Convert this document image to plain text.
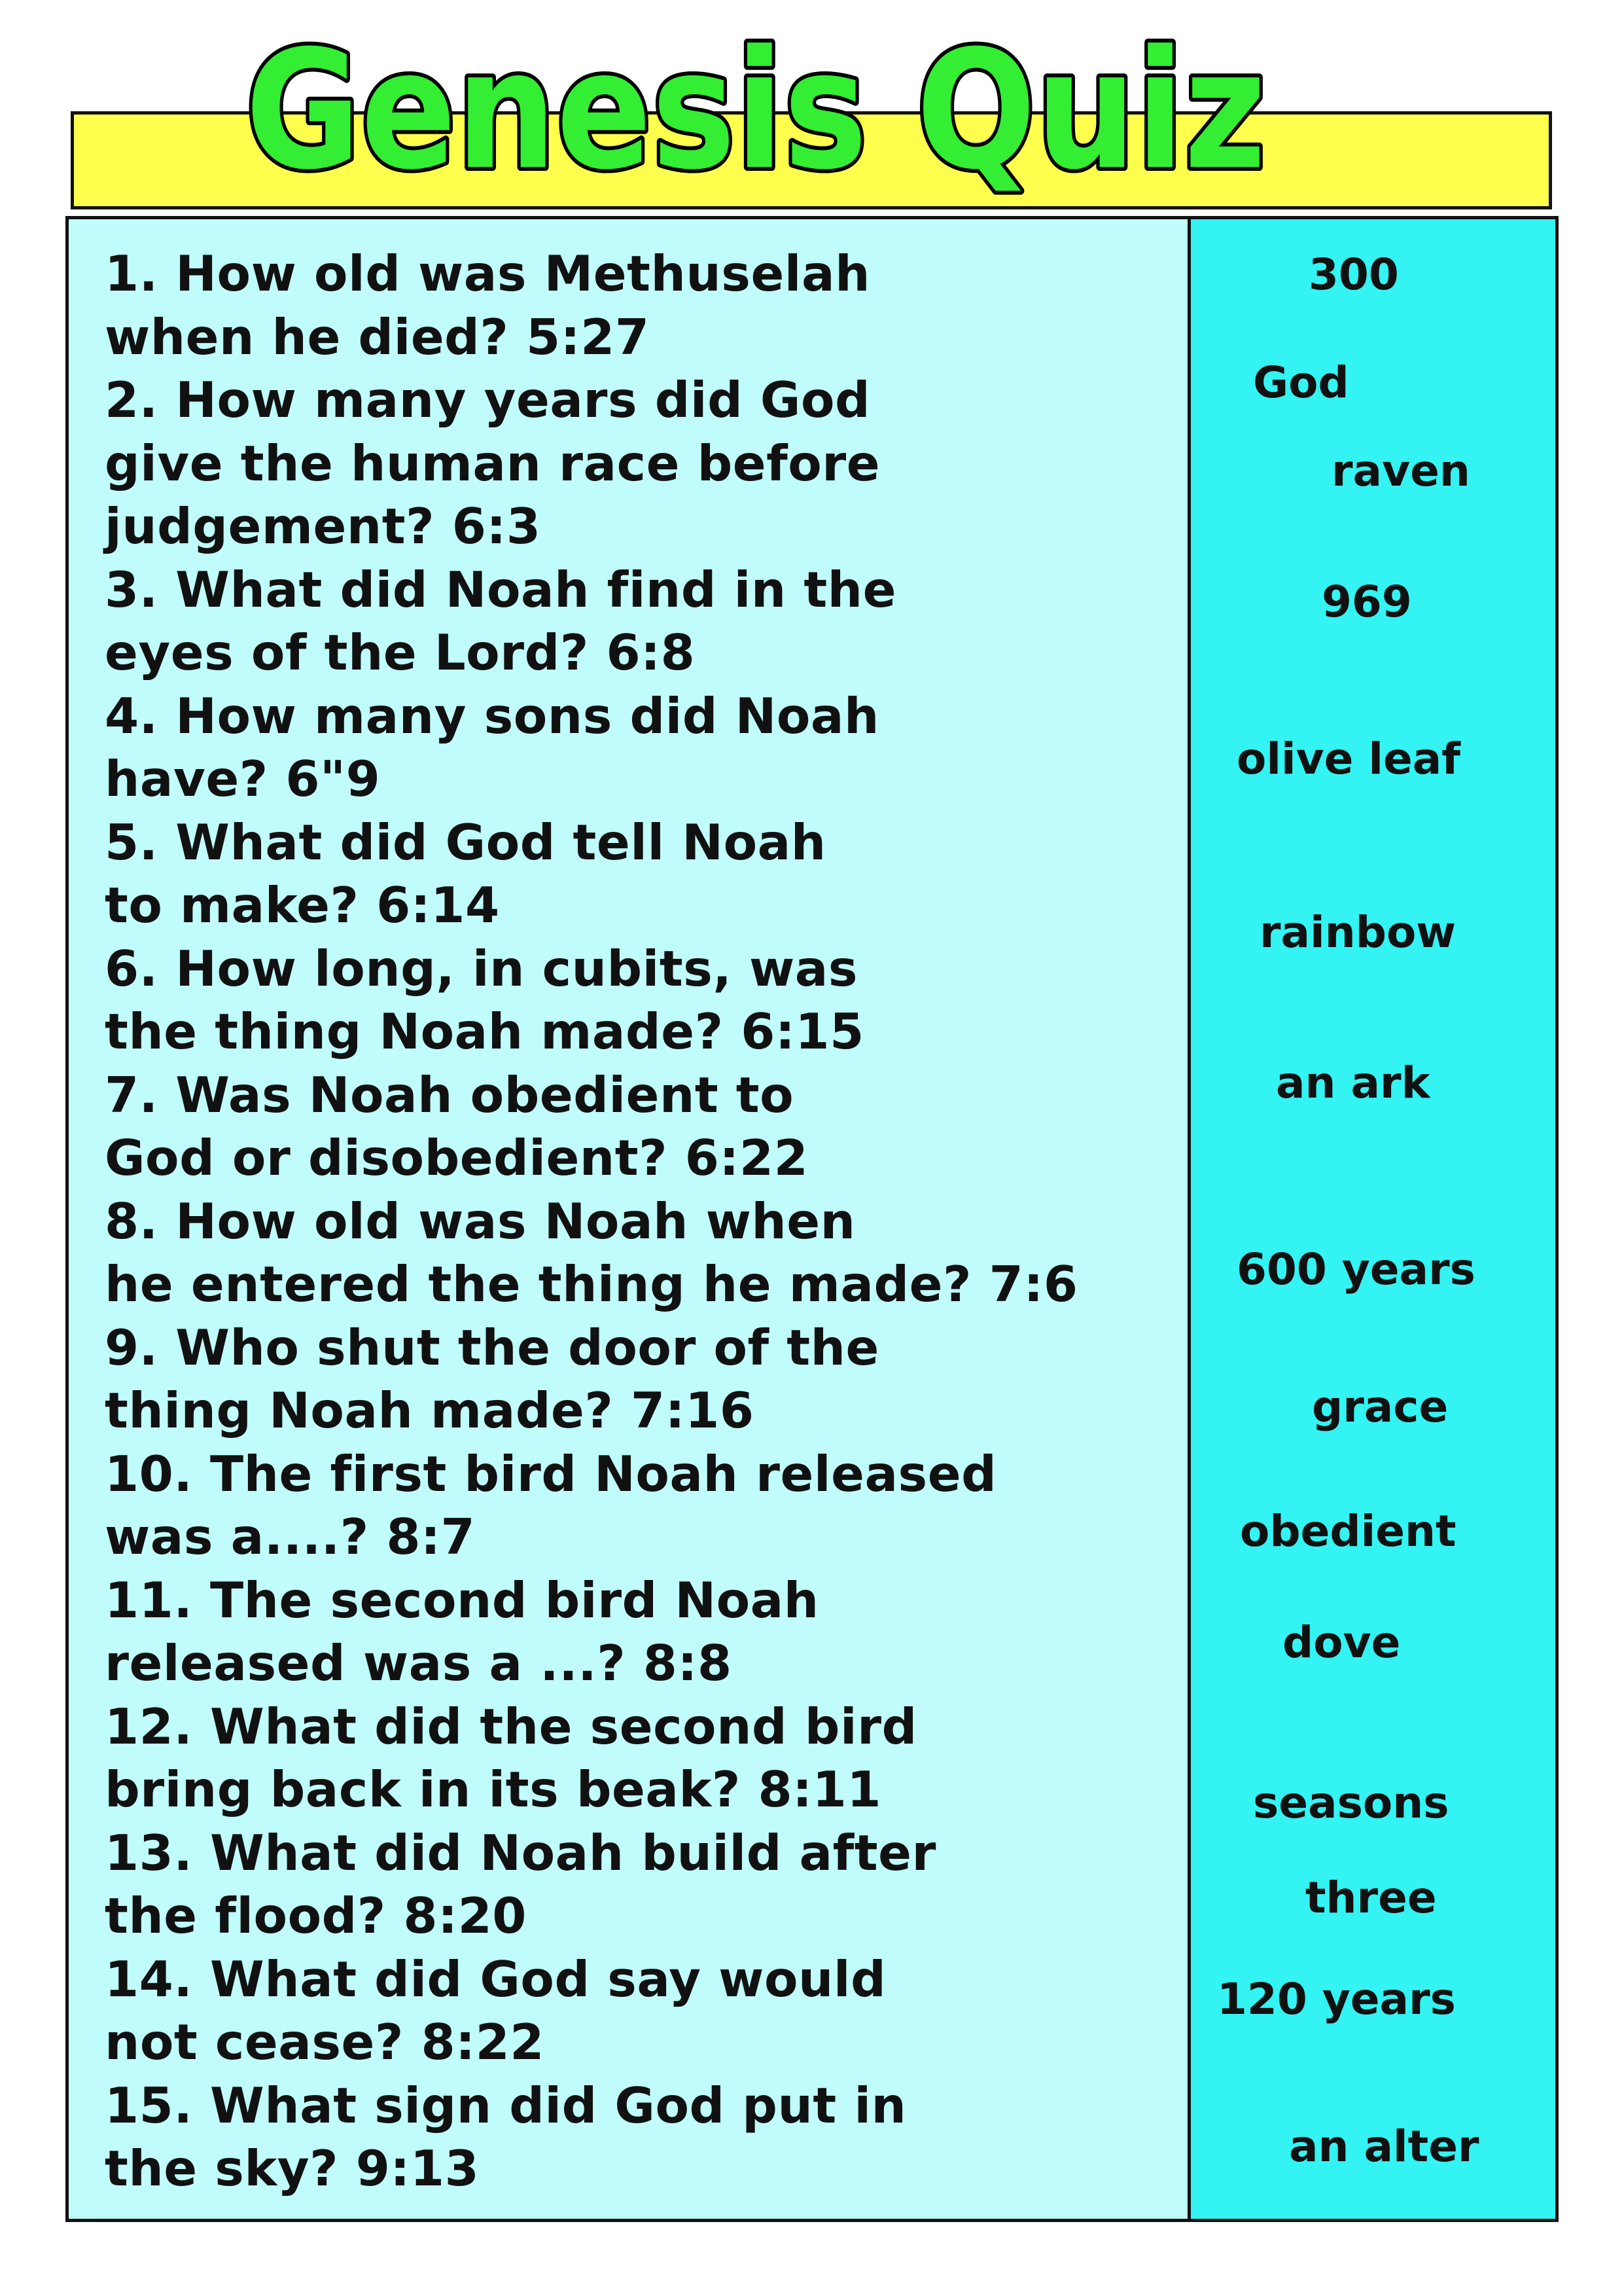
Genesis Quiz
1. How old was Methuselah
when he died? 5:27
2. How many years did God
give the human race before
judgement? 6:3
3. What did Noah find in the
eyes of the Lord? 6:8
4. How many sons did Noah
have? 6"9
5. What did God tell Noah
to make? 6:14
6. How long, in cubits, was
the thing Noah made? 6:15
7. Was Noah obedient to
God or disobedient? 6:22
8. How old was Noah when
he entered the thing he made? 7:6
9. Who shut the door of the
thing Noah made? 7:16
10. The first bird Noah released
was a....? 8:7
11. The second bird Noah
released was a ...? 8:8
12. What did the second bird
bring back in its beak? 8:11
13. What did Noah build after
the flood? 8:20
14. What did God say would
not cease? 8:22
15. What sign did God put in
the sky? 9:13
300
God
raven
969
olive leaf
rainbow
an ark
600 years
grace
obedient
dove
seasons
three
120 years
an alter
